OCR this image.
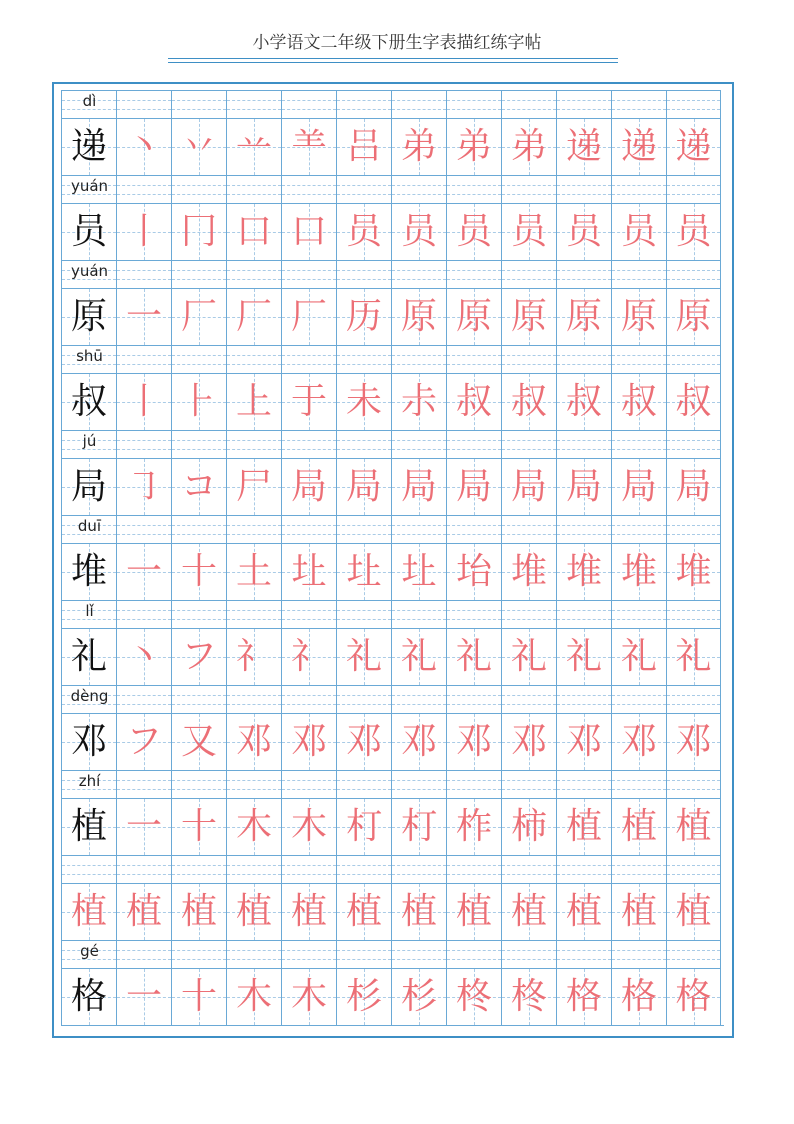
小学语文二年级下册生字表描红练字帖
dì
递 丶 丷 䒑 ⺷ 吕 弟 弟 弟 递 递 递
yuán
员 丨 冂 口 口 员 员 员 员 员 员 员
yuán
原 一 厂 厂 厂 历 原 原 原 原 原 原
shū
叔 丨 ⺊ 上 于 未 尗 叔 叔 叔 叔 叔
jú
局 ㇆ コ 尸 局 局 局 局 局 局 局 局
duī
堆 一 十 土 圵 圵 圵 坮 堆 堆 堆 堆
lǐ
礼 丶 フ 礻 礻 礼 礼 礼 礼 礼 礼 礼
dèng
邓 フ 又 邓 邓 邓 邓 邓 邓 邓 邓 邓
zhí
植 一 十 木 木 朾 朾 柞 柿 植 植 植
植 植 植 植 植 植 植 植 植 植 植 植
gé
格 一 十 木 木 杉 杉 柊 柊 格 格 格
